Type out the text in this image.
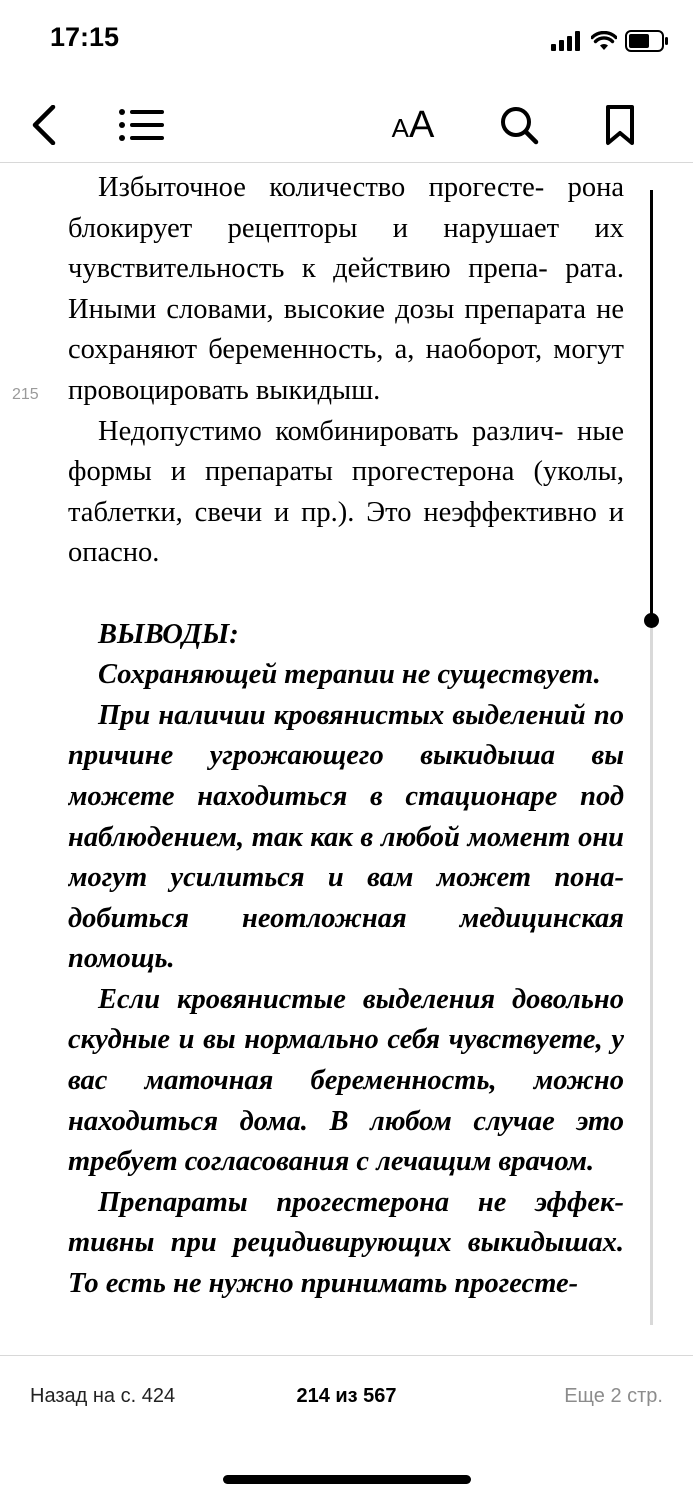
17:15
AA
215

Избыточное количество прогесте- рона блокирует рецепторы и нарушает их чувствительность к действию препа- рата. Иными словами, высокие дозы препарата не сохраняют беременность, а, наоборот, могут провоцировать выкидыш.

Недопустимо комбинировать различ- ные формы и препараты прогестерона (уколы, таблетки, свечи и пр.). Это неэффективно и опасно.

ВЫВОДЫ:

Сохраняющей терапии не существует.

При наличии кровянистых выделений по причине угрожающего выкидыша вы можете находиться в стационаре под наблюдением, так как в любой момент они могут усилиться и вам может пона- добиться неотложная медицинская помощь.

Если кровянистые выделения довольно скудные и вы нормально себя чувствуете, у вас маточная беременность, можно находиться дома. В любом случае это требует согласования с лечащим врачом.

Препараты прогестерона не эффек- тивны при рецидивирующих выкидышах. То есть не нужно принимать прогесте-

Назад на с. 424	214 из 567	Еще 2 стр.
